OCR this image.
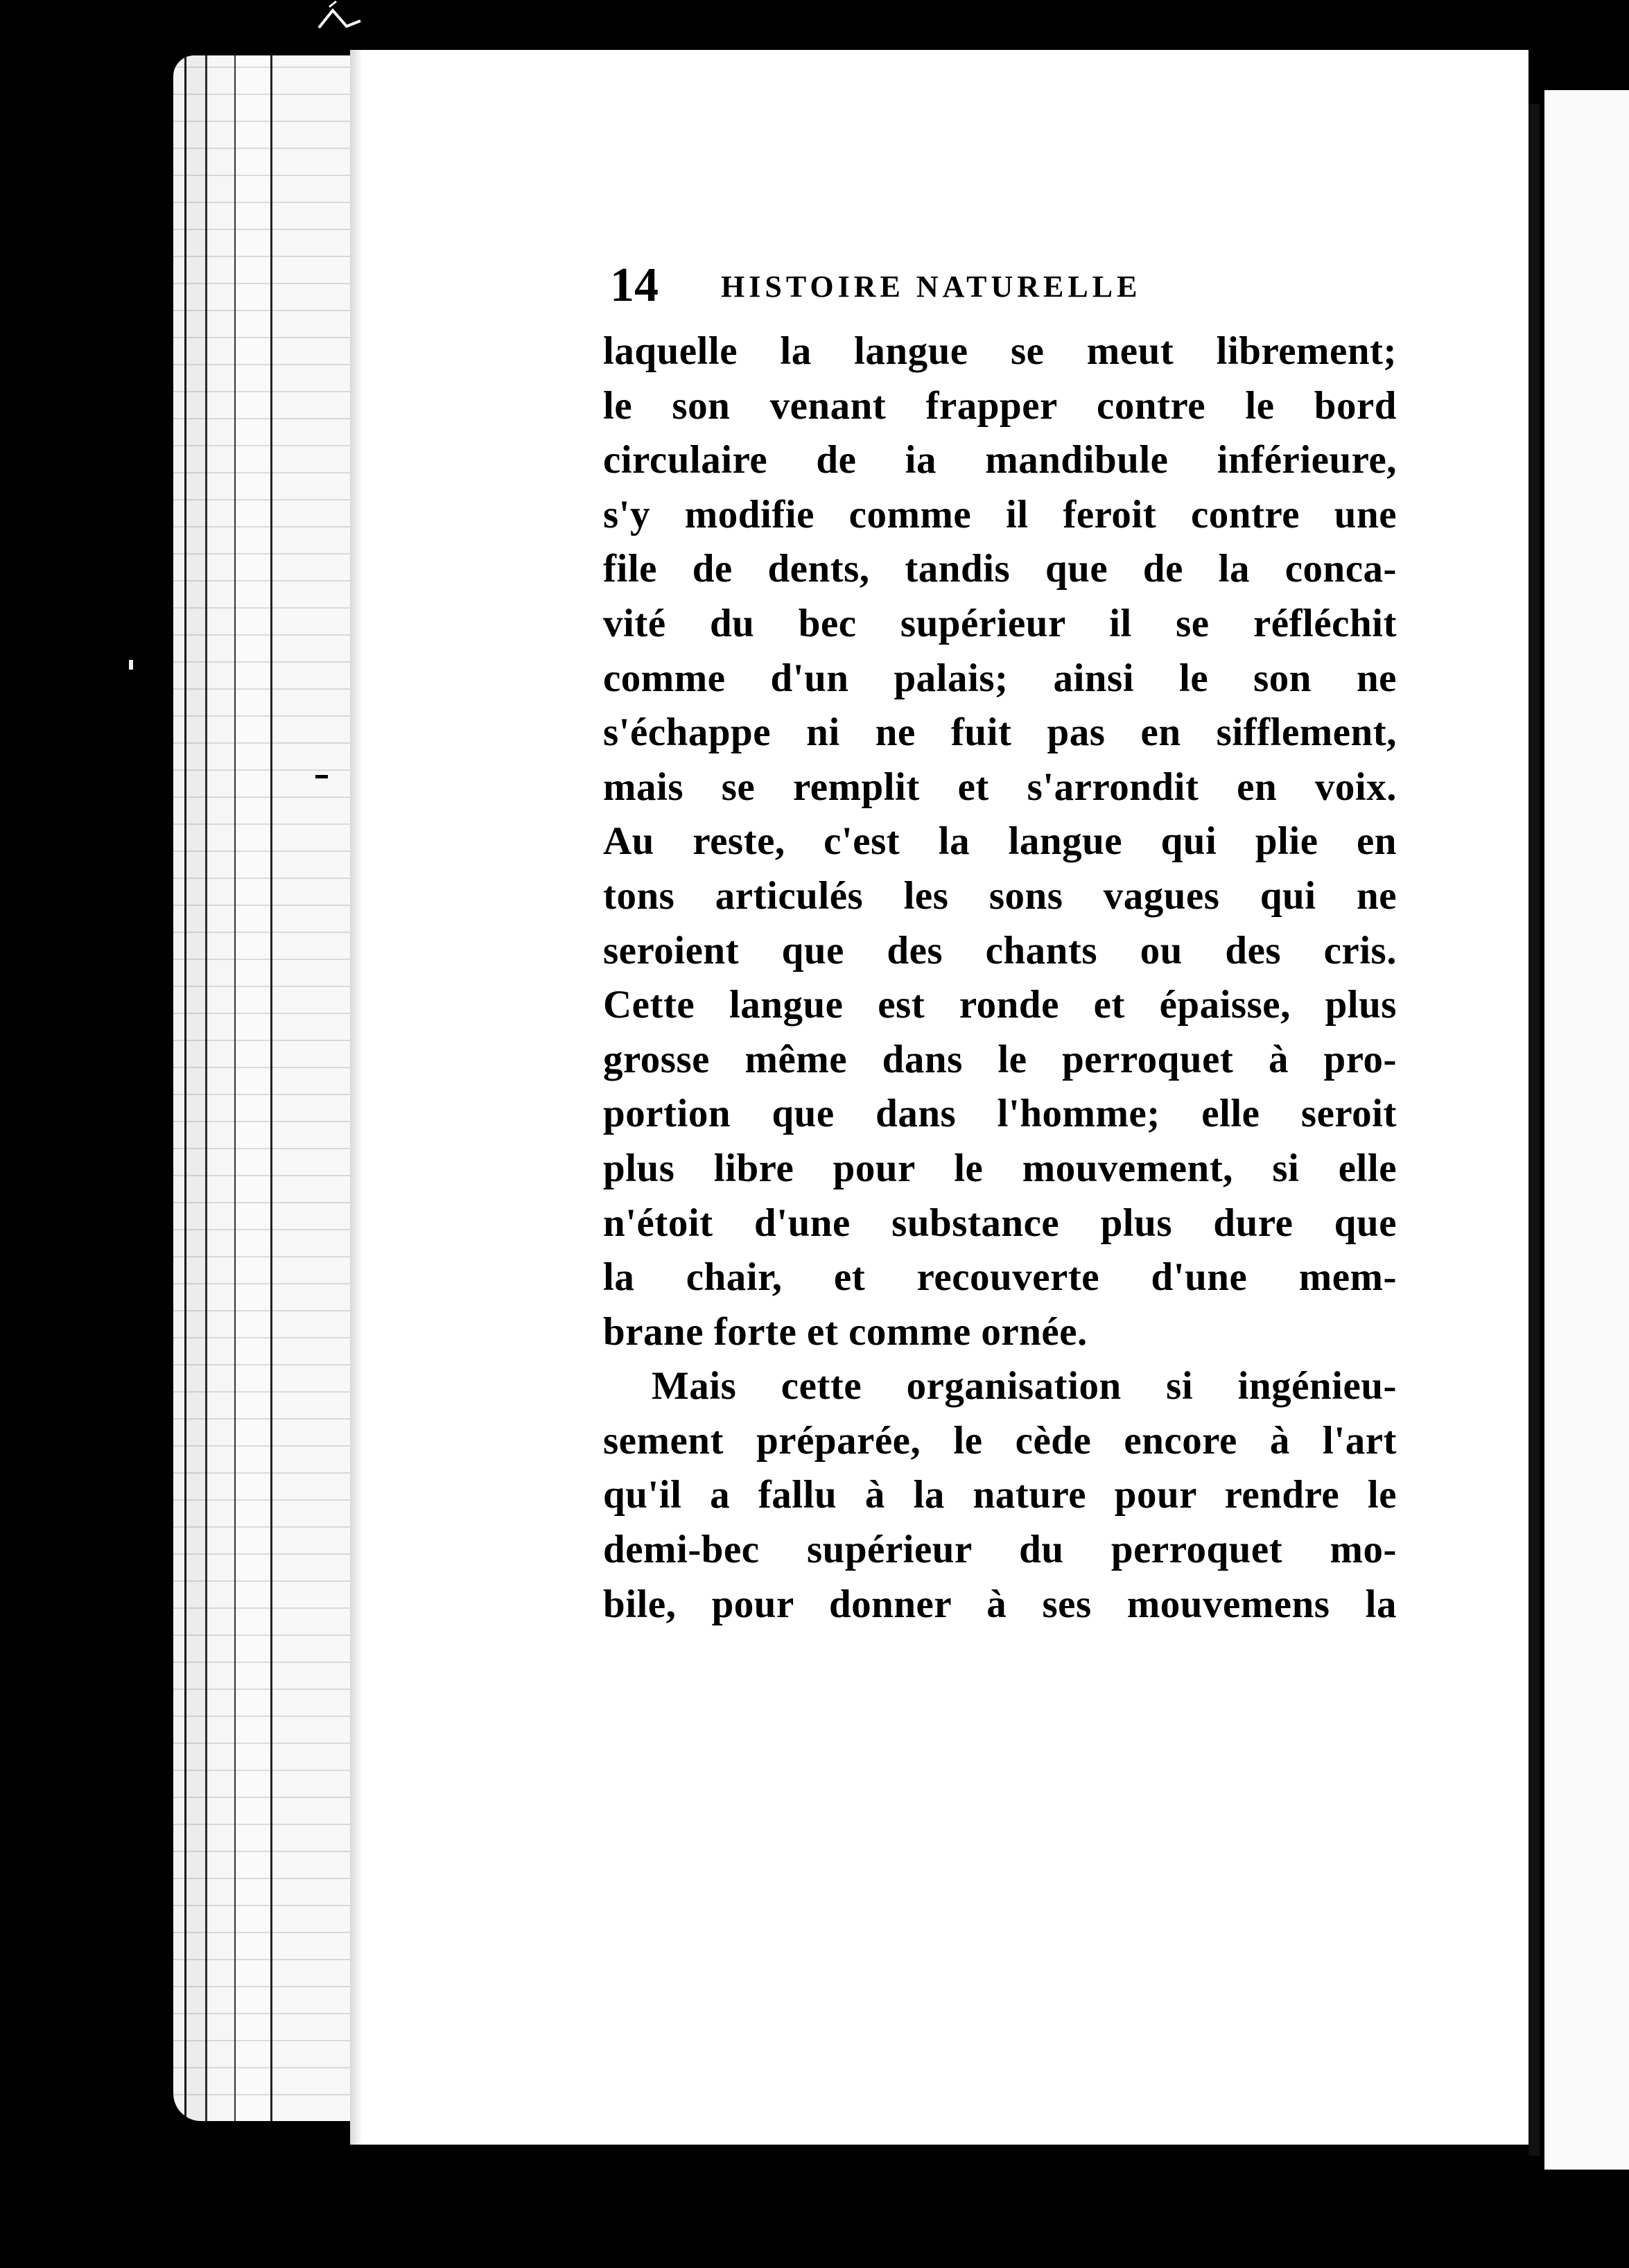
14 HISTOIRE NATURELLE
laquelle la langue se meut librement;
le son venant frapper contre le bord
circulaire de ia mandibule inférieure,
s'y modifie comme il feroit contre une
file de dents, tandis que de la conca-
vité du bec supérieur il se réfléchit
comme d'un palais; ainsi le son ne
s'échappe ni ne fuit pas en sifflement,
mais se remplit et s'arrondit en voix.
Au reste, c'est la langue qui plie en
tons articulés les sons vagues qui ne
seroient que des chants ou des cris.
Cette langue est ronde et épaisse, plus
grosse même dans le perroquet à pro-
portion que dans l'homme; elle seroit
plus libre pour le mouvement, si elle
n'étoit d'une substance plus dure que
la chair, et recouverte d'une mem-
brane forte et comme ornée.
Mais cette organisation si ingénieu-
sement préparée, le cède encore à l'art
qu'il a fallu à la nature pour rendre le
demi-bec supérieur du perroquet mo-
bile, pour donner à ses mouvemens la
